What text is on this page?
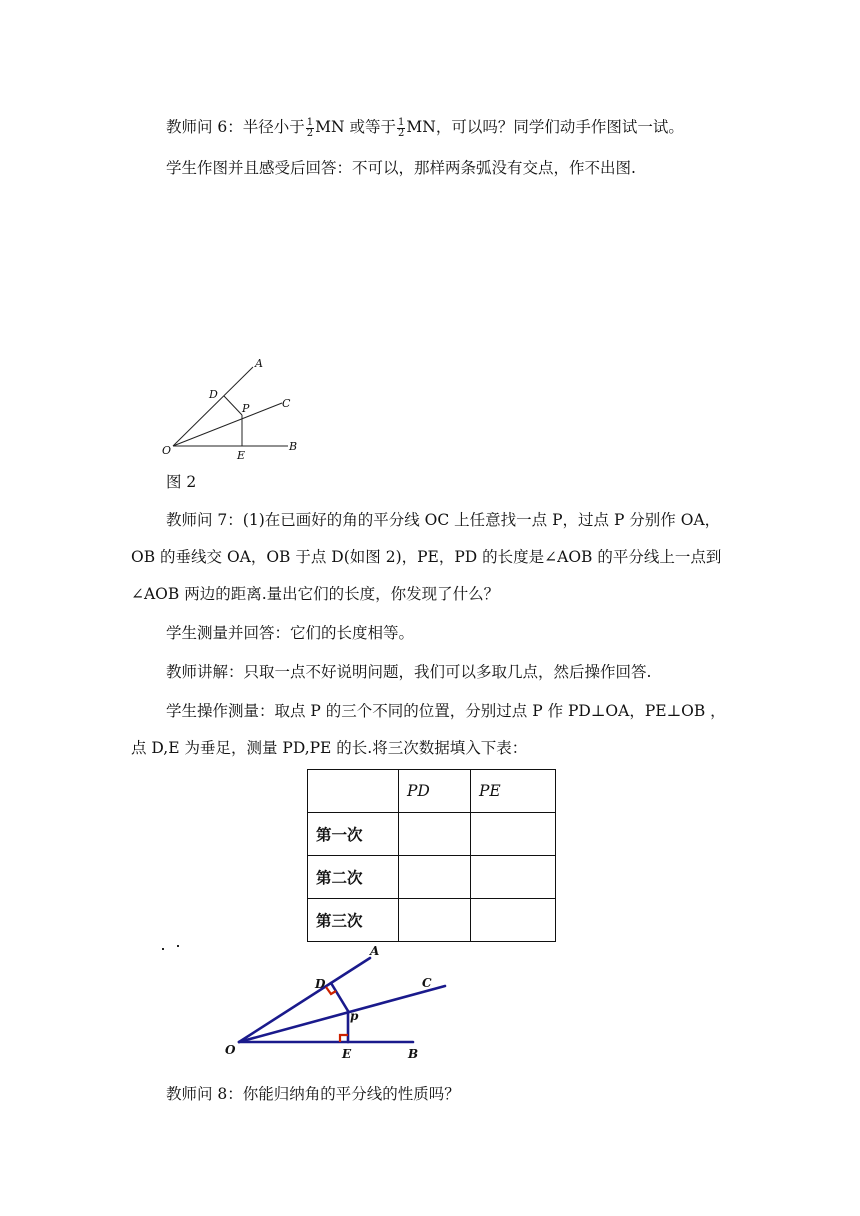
教师问 6：半径小于 $\frac{1}{2}$ MN 或等于 $\frac{1}{2}$ MN，可以吗？同学们动手作图试一试。
学生作图并且感受后回答：不可以，那样两条弧没有交点，作不出图.
A
C
D
P
B
O	E
图 2
教师问 7：(1)在已画好的角的平分线 OC 上任意找一点 P，过点 P 分别作 OA，
OB 的垂线交 OA，OB 于点 D(如图 2)，PE，PD 的长度是∠AOB 的平分线上一点到
∠AOB 两边的距离.量出它们的长度，你发现了什么？
学生测量并回答：它们的长度相等。
教师讲解：只取一点不好说明问题，我们可以多取几点，然后操作回答.
学生操作测量：取点 P 的三个不同的位置，分别过点 P 作 PD⊥OA，PE⊥OB ，
点 D,E 为垂足，测量 PD,PE 的长.将三次数据填入下表：
	PD	PE
第一次		
第二次		
第三次		
A
C
D
p
B
O	E
教师问 8：你能归纳角的平分线的性质吗？
